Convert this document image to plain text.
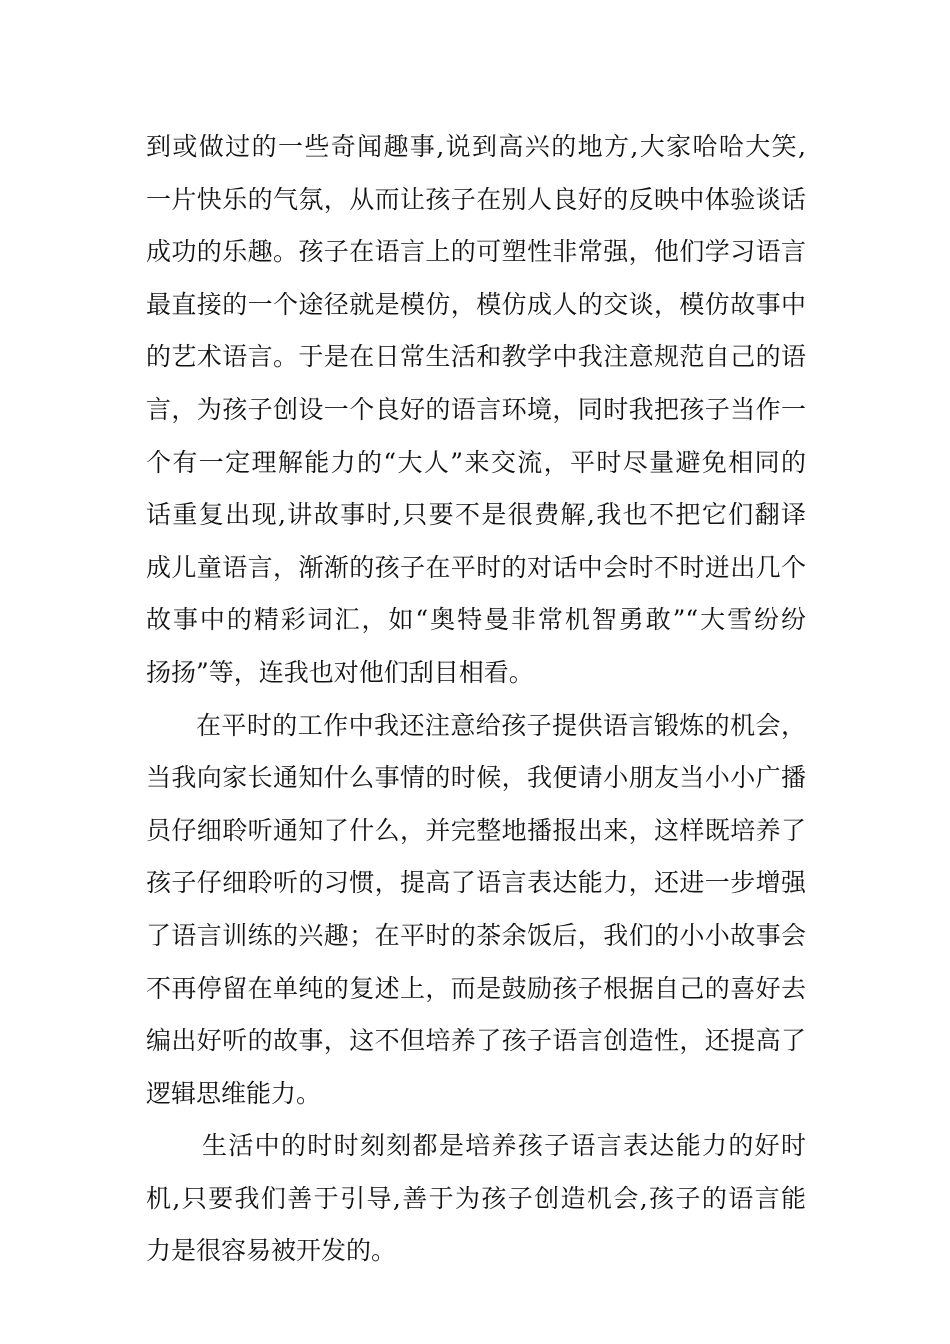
到或做过的一些奇闻趣事,说到高兴的地方,大家哈哈大笑,
一片快乐的气氛，从而让孩子在别人良好的反映中体验谈话
成功的乐趣。孩子在语言上的可塑性非常强，他们学习语言
最直接的一个途径就是模仿，模仿成人的交谈，模仿故事中
的艺术语言。于是在日常生活和教学中我注意规范自己的语
言，为孩子创设一个良好的语言环境，同时我把孩子当作一
个有一定理解能力的“大人”来交流，平时尽量避免相同的
话重复出现,讲故事时,只要不是很费解,我也不把它们翻译
成儿童语言，渐渐的孩子在平时的对话中会时不时迸出几个
故事中的精彩词汇，如“奥特曼非常机智勇敢”“大雪纷纷
扬扬”等，连我也对他们刮目相看。
在平时的工作中我还注意给孩子提供语言锻炼的机会，
当我向家长通知什么事情的时候，我便请小朋友当小小广播
员仔细聆听通知了什么，并完整地播报出来，这样既培养了
孩子仔细聆听的习惯，提高了语言表达能力，还进一步增强
了语言训练的兴趣；在平时的茶余饭后，我们的小小故事会
不再停留在单纯的复述上，而是鼓励孩子根据自己的喜好去
编出好听的故事，这不但培养了孩子语言创造性，还提高了
逻辑思维能力。
生活中的时时刻刻都是培养孩子语言表达能力的好时
机,只要我们善于引导,善于为孩子创造机会,孩子的语言能
力是很容易被开发的。
